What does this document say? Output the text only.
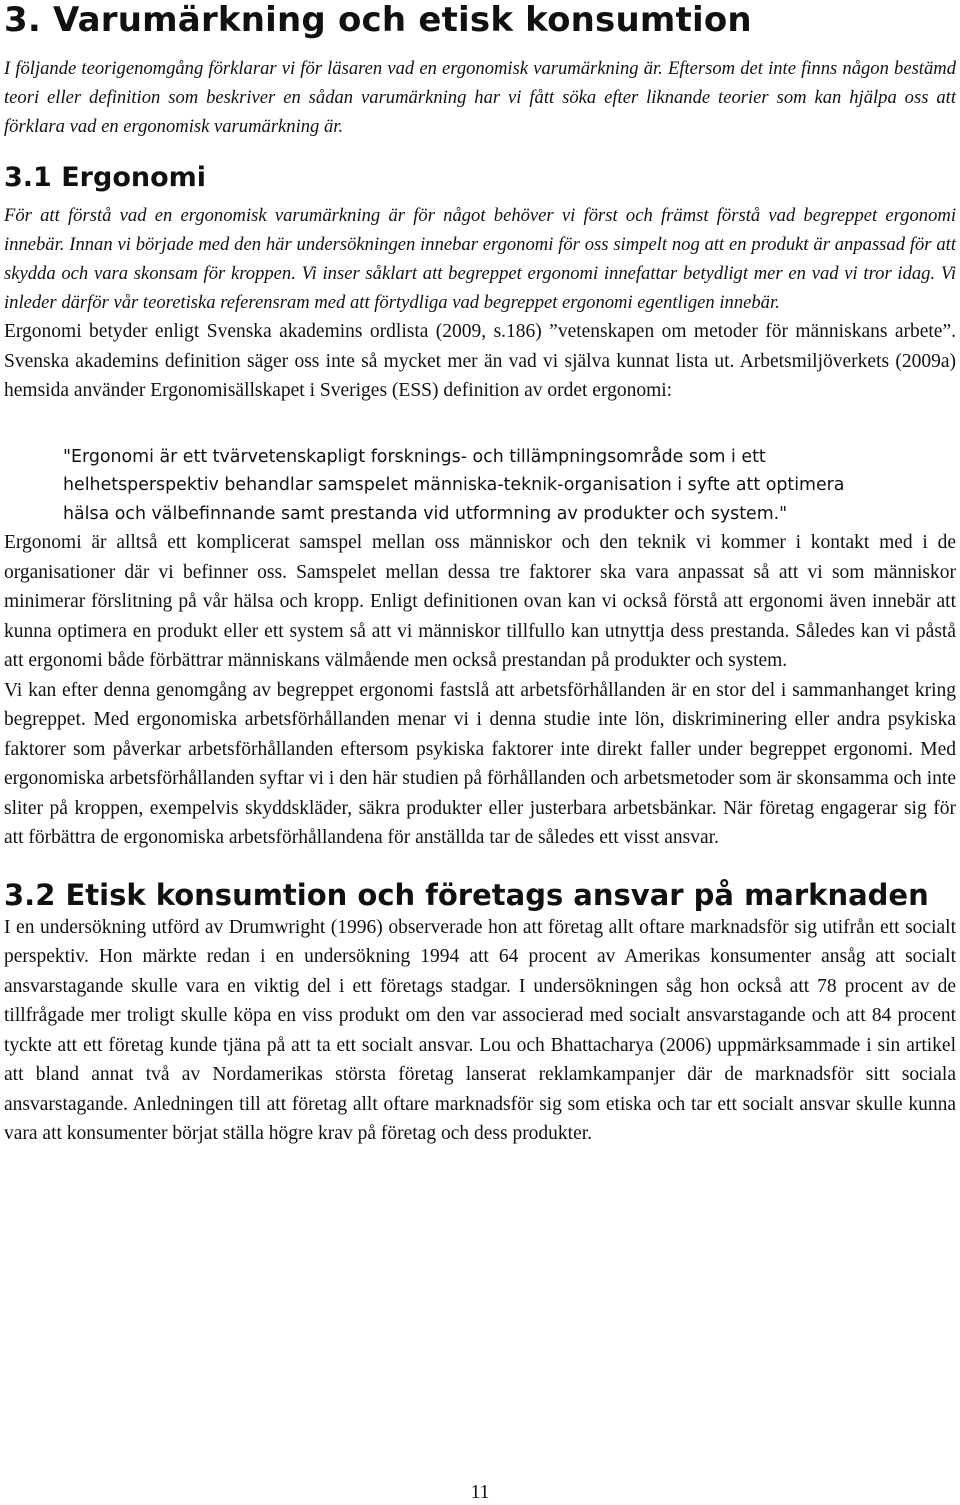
3. Varumärkning och etisk konsumtion

I följande teorigenomgång förklarar vi för läsaren vad en ergonomisk varumärkning är. Eftersom det inte finns någon bestämd teori eller definition som beskriver en sådan varumärkning har vi fått söka efter liknande teorier som kan hjälpa oss att förklara vad en ergonomisk varumärkning är.

3.1 Ergonomi

För att förstå vad en ergonomisk varumärkning är för något behöver vi först och främst förstå vad begreppet ergonomi innebär. Innan vi började med den här undersökningen innebar ergonomi för oss simpelt nog att en produkt är anpassad för att skydda och vara skonsam för kroppen. Vi inser såklart att begreppet ergonomi innefattar betydligt mer en vad vi tror idag. Vi inleder därför vår teoretiska referensram med att förtydliga vad begreppet ergonomi egentligen innebär.

Ergonomi betyder enligt Svenska akademins ordlista (2009, s.186) ”vetenskapen om metoder för människans arbete”. Svenska akademins definition säger oss inte så mycket mer än vad vi själva kunnat lista ut. Arbetsmiljöverkets (2009a) hemsida använder Ergonomisällskapet i Sveriges (ESS) definition av ordet ergonomi:

"Ergonomi är ett tvärvetenskapligt forsknings- och tillämpningsområde som i ett helhetsperspektiv behandlar samspelet människa-teknik-organisation i syfte att optimera hälsa och välbefinnande samt prestanda vid utformning av produkter och system."

Ergonomi är alltså ett komplicerat samspel mellan oss människor och den teknik vi kommer i kontakt med i de organisationer där vi befinner oss. Samspelet mellan dessa tre faktorer ska vara anpassat så att vi som människor minimerar förslitning på vår hälsa och kropp. Enligt definitionen ovan kan vi också förstå att ergonomi även innebär att kunna optimera en produkt eller ett system så att vi människor tillfullo kan utnyttja dess prestanda. Således kan vi påstå att ergonomi både förbättrar människans välmående men också prestandan på produkter och system.

Vi kan efter denna genomgång av begreppet ergonomi fastslå att arbetsförhållanden är en stor del i sammanhanget kring begreppet. Med ergonomiska arbetsförhållanden menar vi i denna studie inte lön, diskriminering eller andra psykiska faktorer som påverkar arbetsförhållanden eftersom psykiska faktorer inte direkt faller under begreppet ergonomi. Med ergonomiska arbetsförhållanden syftar vi i den här studien på förhållanden och arbetsmetoder som är skonsamma och inte sliter på kroppen, exempelvis skyddskläder, säkra produkter eller justerbara arbetsbänkar. När företag engagerar sig för att förbättra de ergonomiska arbetsförhållandena för anställda tar de således ett visst ansvar.

3.2 Etisk konsumtion och företags ansvar på marknaden

I en undersökning utförd av Drumwright (1996) observerade hon att företag allt oftare marknadsför sig utifrån ett socialt perspektiv. Hon märkte redan i en undersökning 1994 att 64 procent av Amerikas konsumenter ansåg att socialt ansvarstagande skulle vara en viktig del i ett företags stadgar. I undersökningen såg hon också att 78 procent av de tillfrågade mer troligt skulle köpa en viss produkt om den var associerad med socialt ansvarstagande och att 84 procent tyckte att ett företag kunde tjäna på att ta ett socialt ansvar. Lou och Bhattacharya (2006) uppmärksammade i sin artikel att bland annat två av Nordamerikas största företag lanserat reklamkampanjer där de marknadsför sitt sociala ansvarstagande. Anledningen till att företag allt oftare marknadsför sig som etiska och tar ett socialt ansvar skulle kunna vara att konsumenter börjat ställa högre krav på företag och dess produkter.

11
